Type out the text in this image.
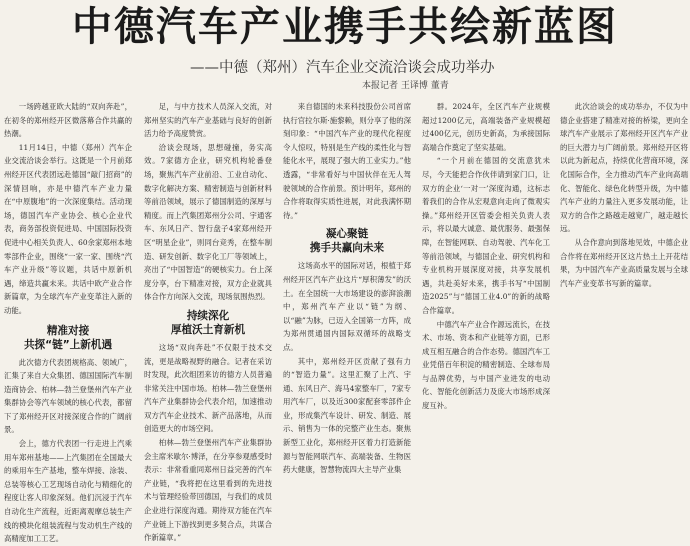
中德汽车产业携手共绘新蓝图
——中德（郑州）汽车企业交流洽谈会成功举办
本报记者 王译博 董青

一场跨越亚欧大陆的“双向奔赴”，在初冬的郑州经开区微落幕合作共赢的热潮。

11月14日，中德（郑州）汽车企业交流洽谈会举行。这既是一个月前郑州经开区代表团远赴德国“敲门招商”的深情回响，亦是中德汽车产业力量在“中原腹地”的一次深度集结。活动现场，德国汽车产业协会、核心企业代表，商务部投资促进局、中国国际投资促进中心相关负责人、60余家郑州本地零部件企业，围绕“一家一家、围绕“汽车产业升级”等议题，共话中原新机遇，缔造共赢未来。共话中欧产业合作新篇章，为全球汽车产业变革注入新的动能。

精准对接
共探“链”上新机遇

此次德方代表团规格高、领域广，汇集了来自大众集团、德国国际汽车制造商协会、柏林—勃兰登堡州汽车产业集群协会等汽车领域的核心代表，都留下了郑州经开区对接深度合作的广阔前景。

会上，德方代表团一行走进上汽乘用车郑州基地——上汽集团在全国最大的乘用车生产基地，整车焊接、涂装、总装等核心工艺现场自动化与精细化的程度让客人印象深刻。他们沉浸于汽车自动化生产流程，近距离观摩总装生产线的模块化组装流程与发动机生产线的高精度加工工艺。

足，与中方技术人员深入交流，对郑州坚实的汽车产业基础与良好的创新活力给予高度赞赏。

洽谈会现场，思想碰撞，务实高效。7家德方企业，研究机构轮番登场，聚焦汽车产业前沿、工业自动化、数字化解决方案、精密制造与创新材料等前沿领域，展示了德国制造的深厚与精度。而上汽集团郑州分公司、宇通客车、东风日产、智行盘子4家郑州经开区“明星企业”，则同台竞秀，在整车制造、研发创新、数字化工厂等领域上，亮出了“中国智造”的硬核实力。台上深度分享，台下精准对接，双方企业就具体合作方向深入交流，现场氛围热烈。

持续深化
厚植沃土育新机

这场“双向奔赴”不仅限于技术交流，更是战略视野的融合。记者在采访时发现，此次组团来访的德方人员普遍非常关注中国市场。柏林—勃兰登堡州汽车产业集群协会代表介绍，加速推动双方汽车企业技术、新产品落地，从而创造更大的市场空间。

柏林—勃兰登堡州汽车产业集群协会主席米歇尔·博泽，在分享参观感受时表示：非常看重同郑州日益完善的汽车产业链，“我将把在这里看到的先进技术与管理经验带回德国，与我们的成员企业进行深度沟通。期待双方能在汽车产业链上下游找到更多契合点，共谋合作新篇章。”

来自德国的未来科技股份公司首席执行官拉尔斯·施黎赖，则分享了他的深刻印象：“中国汽车产业的现代化程度令人惊叹，特别是生产线的柔性化与智能化水平，展现了强大的工业实力。”他透露，“非常看好与中国伙伴在无人驾驶领域的合作前景。预计明年，郑州的合作将取得实质性进展，对此我满怀期待。”

凝心聚链
携手共赢向未来

这场高水平的国际对话，根植于郑州经开区汽车产业这片“厚积薄发”的沃土。在全国统一大市场建设的澎湃浪潮中，郑州汽车产业以“链”为纲、以“融”为脉，已迈入全国第一方阵，成为郑州贯通国内国际双循环的战略支点。

其中，郑州经开区贡献了强有力的“智造力量”。这里汇聚了上汽、宇通、东风日产、海马4家整车厂，7家专用汽车厂，以及近300家配套零部件企业，形成集汽车设计、研发、制造、展示、销售为一体的完整产业生态。聚焦新型工业化，郑州经开区着力打造新能源与智能网联汽车、高端装备、生物医药大健康，智慧物流四大主导产业集

群。2024年，全区汽车产业规模超过1200亿元，高端装备产业规模超过400亿元，创历史新高，为承接国际高端合作奠定了坚实基础。

“一个月前在德国的交流意犹未尽，今天能把合作伙伴请到家门口，让双方的企业‘一对一’深度沟通，这标志着我们的合作从宏观意向走向了微观实操。”郑州经开区管委会相关负责人表示，将以最大诚意、最优服务、最强保障，在智能网联、自动驾驶、汽车化工等前沿领域，与德国企业、研究机构和专业机构开展深度对接，共享发展机遇，共赴美好未来，携手书写“中国制造2025”与“德国工业4.0”的新的战略合作篇章。

中德汽车产业合作源远流长，在技术、市场、资本和产业链等方面，已形成互相互融合的合作态势。德国汽车工业凭借百年积淀的精密制造、全球布局与品牌优势，与中国产业进发的电动化、智能化创新活力及庞大市场形成深度互补。

此次洽谈会的成功举办，不仅为中德企业搭建了精准对接的桥梁，更向全球汽车产业展示了郑州经开区汽车产业的巨大潜力与广阔前景。郑州经开区将以此为新起点，持续优化营商环境，深化国际合作，全力推动汽车产业向高端化、智能化、绿色化转型升级，为中德汽车产业的力量注入更多发展动能，让双方的合作之路越走越宽广，越走越长远。

从合作意向到落地见效，中德企业合作将在郑州经开区这片热土上开花结果，为中国汽车产业高质量发展与全球汽车产业变革书写新的篇章。
